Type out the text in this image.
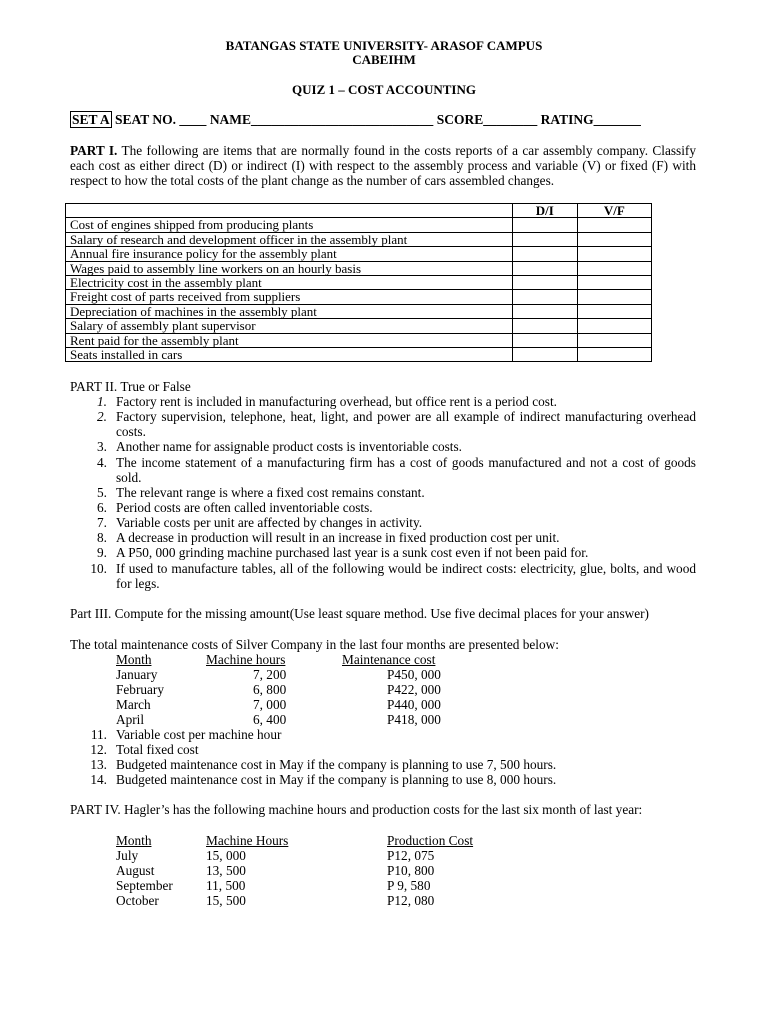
BATANGAS STATE UNIVERSITY- ARASOF CAMPUS
CABEIHM
QUIZ 1 – COST ACCOUNTING
SET A SEAT NO. ____ NAME___________________________ SCORE________ RATING_______
PART I. The following are items that are normally found in the costs reports of a car assembly company. Classify each cost as either direct (D) or indirect (I) with respect to the assembly process and variable (V) or fixed (F) with respect to how the total costs of the plant change as the number of cars assembled changes.
	D/I	V/F
Cost of engines shipped from producing plants		
Salary of research and development officer in the assembly plant		
Annual fire insurance policy for the assembly plant		
Wages paid to assembly line workers on an hourly basis		
Electricity cost in the assembly plant		
Freight cost of parts received from suppliers		
Depreciation of machines in the assembly plant		
Salary of assembly plant supervisor		
Rent paid for the assembly plant		
Seats installed in cars		
PART II. True or False
1. Factory rent is included in manufacturing overhead, but office rent is a period cost.
2. Factory supervision, telephone, heat, light, and power are all example of indirect manufacturing overhead costs.
3. Another name for assignable product costs is inventoriable costs.
4. The income statement of a manufacturing firm has a cost of goods manufactured and not a cost of goods sold.
5. The relevant range is where a fixed cost remains constant.
6. Period costs are often called inventoriable costs.
7. Variable costs per unit are affected by changes in activity.
8. A decrease in production will result in an increase in fixed production cost per unit.
9. A P50, 000 grinding machine purchased last year is a sunk cost even if not been paid for.
10. If used to manufacture tables, all of the following would be indirect costs: electricity, glue, bolts, and wood for legs.
Part III. Compute for the missing amount(Use least square method. Use five decimal places for your answer)
The total maintenance costs of Silver Company in the last four months are presented below:
Month	Machine hours	Maintenance cost
January	7, 200	P450, 000
February	6, 800	P422, 000
March	7, 000	P440, 000
April	6, 400	P418, 000
11. Variable cost per machine hour
12. Total fixed cost
13. Budgeted maintenance cost in May if the company is planning to use 7, 500 hours.
14. Budgeted maintenance cost in May if the company is planning to use 8, 000 hours.
PART IV. Hagler’s has the following machine hours and production costs for the last six month of last year:
Month	Machine Hours	Production Cost
July	15, 000	P12, 075
August	13, 500	P10, 800
September 11, 500	P 9, 580
October	15, 500	P12, 080
